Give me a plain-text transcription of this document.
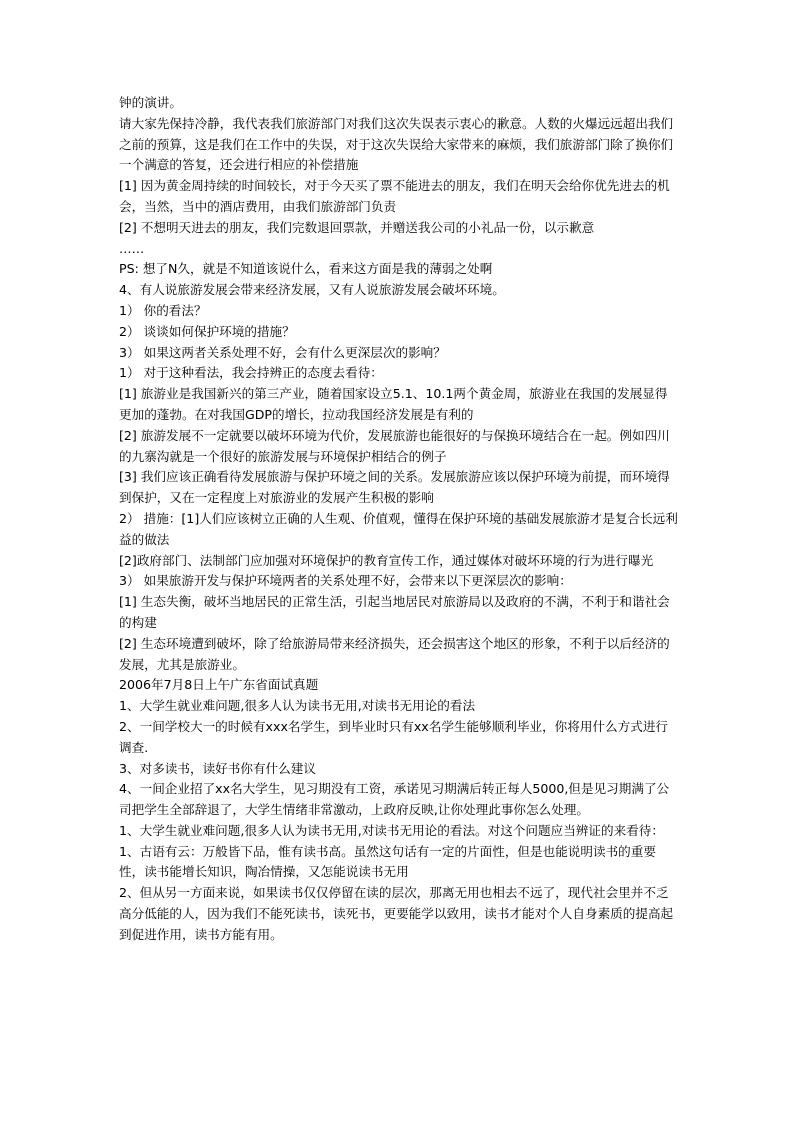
钟的演讲。

请大家先保持冷静，我代表我们旅游部门对我们这次失误表示衷心的歉意。人数的火爆远远超出我们之前的预算，这是我们在工作中的失误，对于这次失误给大家带来的麻烦，我们旅游部门除了换你们一个满意的答复，还会进行相应的补偿措施

[1] 因为黄金周持续的时间较长，对于今天买了票不能进去的朋友，我们在明天会给你优先进去的机会，当然，当中的酒店费用，由我们旅游部门负责

[2] 不想明天进去的朋友，我们完数退回票款，并赠送我公司的小礼品一份，以示歉意

……

PS: 想了N久，就是不知道该说什么，看来这方面是我的薄弱之处啊

4、有人说旅游发展会带来经济发展，又有人说旅游发展会破坏环境。

1） 你的看法？

2） 谈谈如何保护环境的措施？

3） 如果这两者关系处理不好，会有什么更深层次的影响？

1） 对于这种看法，我会持辨正的态度去看待：

[1] 旅游业是我国新兴的第三产业，随着国家设立5.1、10.1两个黄金周，旅游业在我国的发展显得更加的蓬勃。在对我国GDP的增长，拉动我国经济发展是有利的

[2] 旅游发展不一定就要以破坏环境为代价，发展旅游也能很好的与保换环境结合在一起。例如四川的九寨沟就是一个很好的旅游发展与环境保护相结合的例子

[3] 我们应该正确看待发展旅游与保护环境之间的关系。发展旅游应该以保护环境为前提，而环境得到保护，又在一定程度上对旅游业的发展产生积极的影响

2） 措施：[1]人们应该树立正确的人生观、价值观，懂得在保护环境的基础发展旅游才是复合长远利益的做法

[2]政府部门、法制部门应加强对环境保护的教育宣传工作，通过媒体对破坏环境的行为进行曝光

3） 如果旅游开发与保护环境两者的关系处理不好，会带来以下更深层次的影响：

[1] 生态失衡，破坏当地居民的正常生活，引起当地居民对旅游局以及政府的不满，不利于和谐社会的构建

[2] 生态环境遭到破坏，除了给旅游局带来经济损失，还会损害这个地区的形象，不利于以后经济的发展，尤其是旅游业。

2006年7月8日上午广东省面试真题

1、大学生就业难问题,很多人认为读书无用,对读书无用论的看法

2、一间学校大一的时候有xxx名学生，到毕业时只有xx名学生能够顺利毕业，你将用什么方式进行调查.

3、对多读书，读好书你有什么建议

4、一间企业招了xx名大学生，见习期没有工资，承诺见习期满后转正每人5000,但是见习期满了公司把学生全部辞退了，大学生情绪非常激动，上政府反映,让你处理此事你怎么处理。

1、大学生就业难问题,很多人认为读书无用,对读书无用论的看法。对这个问题应当辨证的来看待：

1、古语有云：万般皆下品，惟有读书高。虽然这句话有一定的片面性，但是也能说明读书的重要性，读书能增长知识，陶冶情操，又怎能说读书无用

2、但从另一方面来说，如果读书仅仅停留在读的层次，那离无用也相去不远了，现代社会里并不乏高分低能的人，因为我们不能死读书，读死书，更要能学以致用，读书才能对个人自身素质的提高起到促进作用，读书方能有用。
